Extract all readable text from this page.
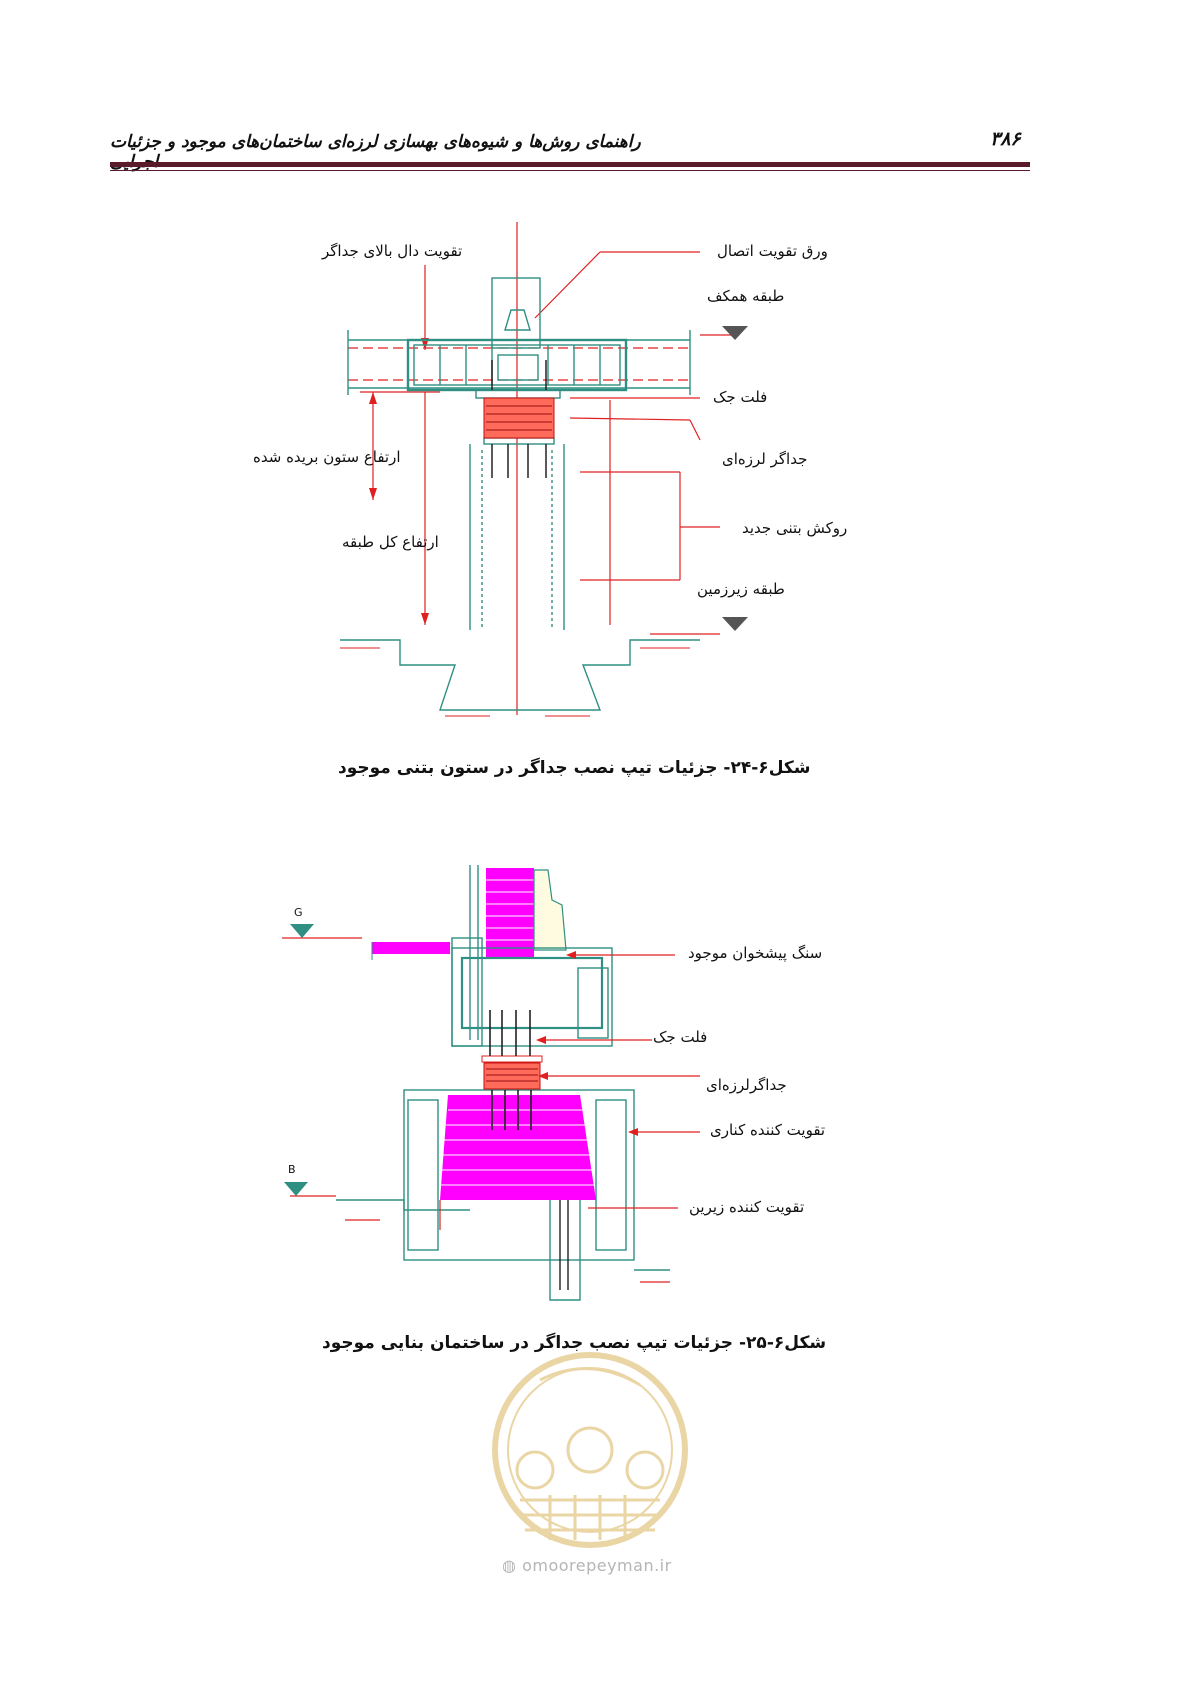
۳۸۶
راهنمای روش‌ها و شیوه‌های بهسازی لرزه‌ای ساختمان‌های موجود و جزئیات
تقویت دال بالای جداگر	ورق تقویت اتصال
طبقه همکف
فلت جک
ارتفاع ستون بریده شده	جداگر لرزه‌ای
روکش بتنی جدید
ارتفاع کل طبقه
طبقه زیرزمین
شکل۶-۲۴- جزئیات تیپ نصب جداگر در ستون بتنی موجود
G
B
سنگ پیشخوان موجود
فلت جک
جداگرلرزه‌ای
تقویت کننده کناری
تقویت کننده زیرین
شکل۶-۲۵- جزئیات تیپ نصب جداگر در ساختمان بنایی موجود
◍ omoorepeyman.ir
